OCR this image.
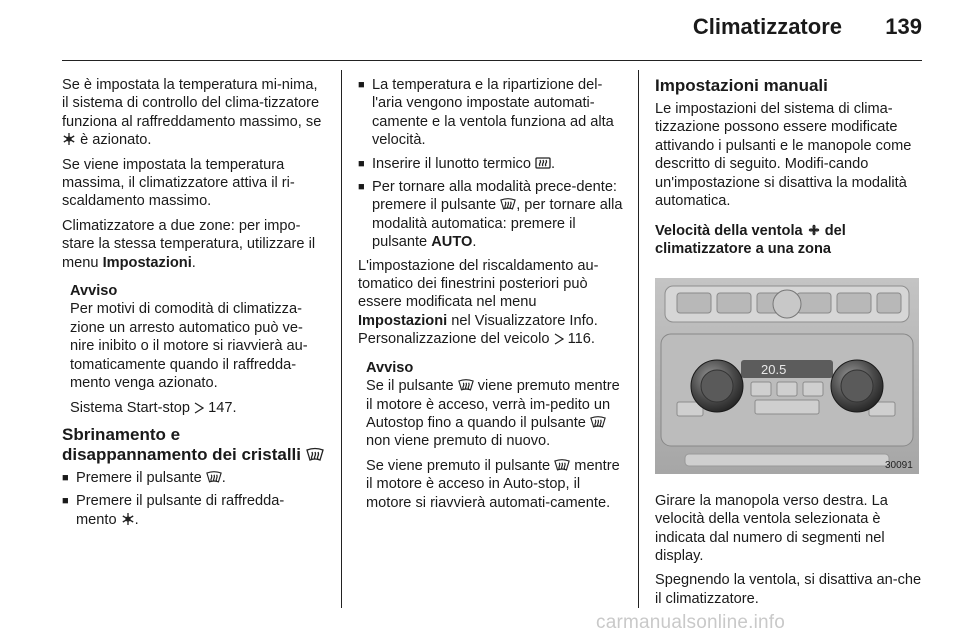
Climatizzatore 139

Se è impostata la temperatura mi-nima, il sistema di controllo del clima-tizzatore funziona al raffreddamento massimo, se  è azionato.

Se viene impostata la temperatura massima, il climatizzatore attiva il ri-scaldamento massimo.

Climatizzatore a due zone: per impo-stare la stessa temperatura, utilizzare il menu Impostazioni.

Avviso

Per motivi di comodità di climatizza-zione un arresto automatico può ve-nire inibito o il motore si riavvierà au-tomaticamente quando il raffredda-mento venga azionato.

Sistema Start-stop 147.

Sbrinamento e disappannamento dei cristalli
■ Premere il pulsante .
■ Premere il pulsante di raffredda-mento .
■ La temperatura e la ripartizione del-l'aria vengono impostate automati-camente e la ventola funziona ad alta velocità.
■ Inserire il lunotto termico .
■ Per tornare alla modalità prece-dente: premere il pulsante , per tornare alla modalità automatica: premere il pulsante AUTO.

L'impostazione del riscaldamento au-tomatico dei finestrini posteriori può essere modificata nel menu Impostazioni nel Visualizzatore Info. Personalizzazione del veicolo 116.

Avviso

Se il pulsante viene premuto mentre il motore è acceso, verrà im-pedito un Autostop fino a quando il pulsante  non viene premuto di nuovo.

Se viene premuto il pulsante mentre il motore è acceso in Auto-stop, il motore si riavvierà automati-camente.

Impostazioni manuali

Le impostazioni del sistema di clima-tizzazione possono essere modificate attivando i pulsanti e le manopole come descritto di seguito. Modifi-cando un'impostazione si disattiva la modalità automatica.

Velocità della ventola del climatizzatore a una zona
20.5
30091

Girare la manopola verso destra. La velocità della ventola selezionata è indicata dal numero di segmenti nel display.

Spegnendo la ventola, si disattiva an-che il climatizzatore.

carmanualsonline.info
